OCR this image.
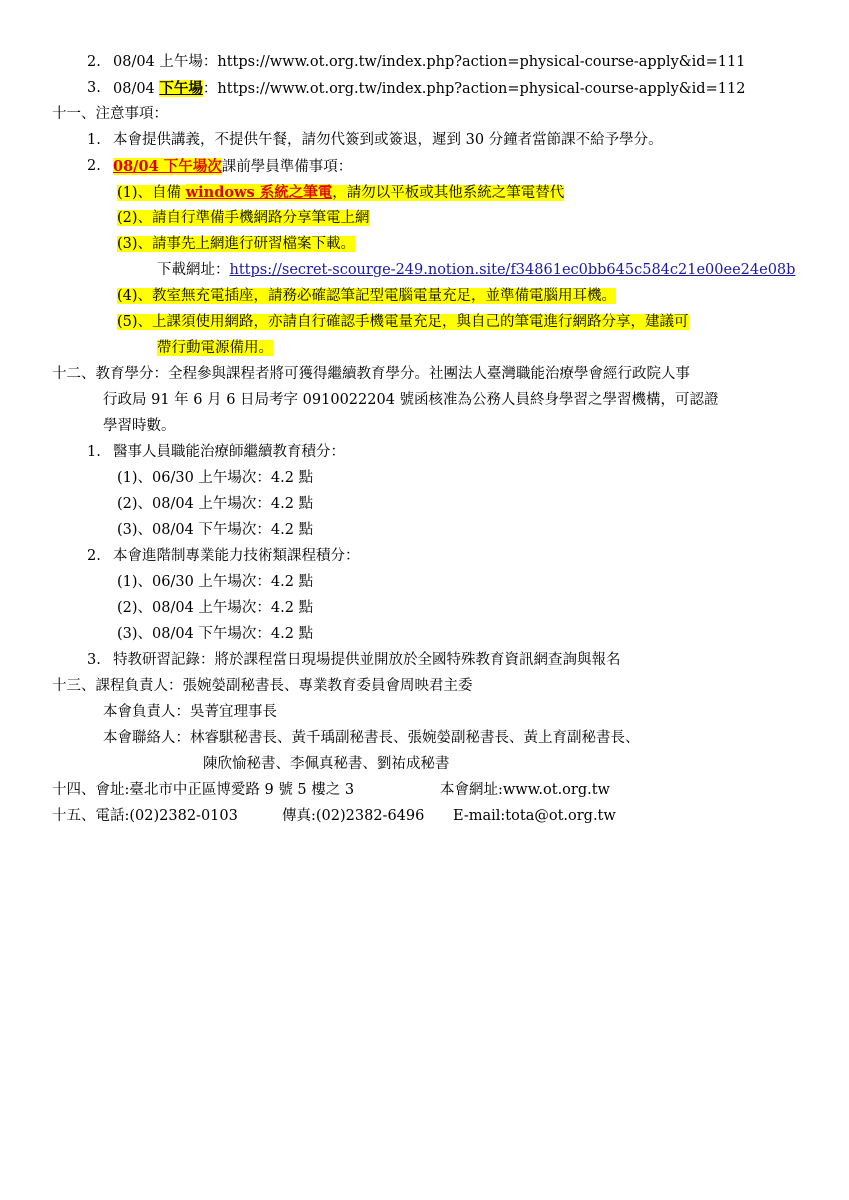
2. 08/04 上午場：https://www.ot.org.tw/index.php?action=physical-course-apply&id=111
3. 08/04 下午場：https://www.ot.org.tw/index.php?action=physical-course-apply&id=112
十一、注意事項：
1. 本會提供講義，不提供午餐，請勿代簽到或簽退，遲到 30 分鐘者當節課不給予學分。
2. 08/04 下午場次課前學員準備事項：
(1)、自備 windows 系統之筆電，請勿以平板或其他系統之筆電替代
(2)、請自行準備手機網路分享筆電上網
(3)、請事先上網進行研習檔案下載。
下載網址：https://secret-scourge-249.notion.site/f34861ec0bb645c584c21e00ee24e08b
(4)、教室無充電插座，請務必確認筆記型電腦電量充足，並準備電腦用耳機。
(5)、上課須使用網路，亦請自行確認手機電量充足，與自己的筆電進行網路分享，建議可
帶行動電源備用。
十二、教育學分：全程參與課程者將可獲得繼續教育學分。社團法人臺灣職能治療學會經行政院人事
行政局 91 年 6 月 6 日局考字 0910022204 號函核准為公務人員終身學習之學習機構，可認證
學習時數。
1. 醫事人員職能治療師繼續教育積分：
(1)、06/30 上午場次：4.2 點
(2)、08/04 上午場次：4.2 點
(3)、08/04 下午場次：4.2 點
2. 本會進階制專業能力技術類課程積分：
(1)、06/30 上午場次：4.2 點
(2)、08/04 上午場次：4.2 點
(3)、08/04 下午場次：4.2 點
3. 特教研習記錄：將於課程當日現場提供並開放於全國特殊教育資訊網查詢與報名
十三、課程負責人：張婉嫈副秘書長、專業教育委員會周映君主委
本會負責人：吳菁宜理事長
本會聯絡人：林睿騏秘書長、黃千瑀副秘書長、張婉嫈副秘書長、黃上育副秘書長、
陳欣愉秘書、李佩真秘書、劉祐成秘書
十四、會址:臺北市中正區博愛路 9 號 5 樓之 3	本會網址:www.ot.org.tw
十五、電話:(02)2382-0103	傳真:(02)2382-6496 E-mail:tota@ot.org.tw
